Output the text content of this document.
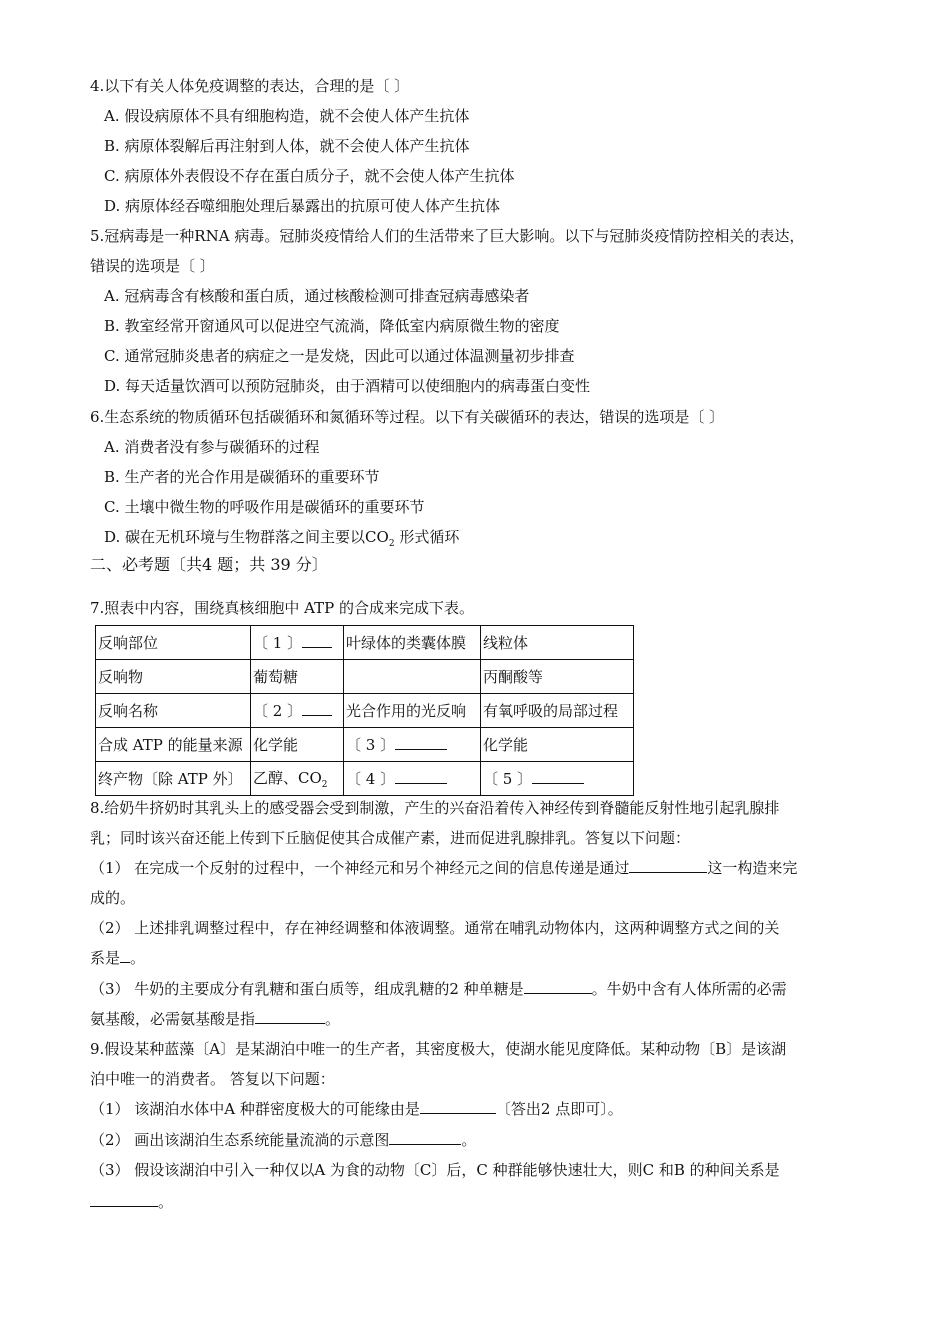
4.以下有关人体免疫调整的表达，合理的是〔 〕
A. 假设病原体不具有细胞构造，就不会使人体产生抗体
B. 病原体裂解后再注射到人体，就不会使人体产生抗体
C. 病原体外表假设不存在蛋白质分子，就不会使人体产生抗体
D. 病原体经吞噬细胞处理后暴露出的抗原可使人体产生抗体
5.冠病毒是一种RNA 病毒。冠肺炎疫情给人们的生活带来了巨大影响。以下与冠肺炎疫情防控相关的表达，
错误的选项是〔 〕
A. 冠病毒含有核酸和蛋白质，通过核酸检测可排查冠病毒感染者
B. 教室经常开窗通风可以促进空气流淌，降低室内病原微生物的密度
C. 通常冠肺炎患者的病症之一是发烧，因此可以通过体温测量初步排查
D. 每天适量饮酒可以预防冠肺炎，由于酒精可以使细胞内的病毒蛋白变性
6.生态系统的物质循环包括碳循环和氮循环等过程。以下有关碳循环的表达，错误的选项是〔 〕
A. 消费者没有参与碳循环的过程
B. 生产者的光合作用是碳循环的重要环节
C. 土壤中微生物的呼吸作用是碳循环的重要环节
D. 碳在无机环境与生物群落之间主要以$CO_2$ 形式循环
二、必考题〔共4 题；共 39 分〕
7.照表中内容，围绕真核细胞中 ATP 的合成来完成下表。
反响部位	〔 1 〕	叶绿体的类囊体膜	线粒体
反响物	葡萄糖		丙酮酸等
反响名称	〔 2 〕	光合作用的光反响	有氧呼吸的局部过程
合成 ATP 的能量来源	化学能	〔 3 〕	化学能
终产物〔除 ATP 外〕	乙醇、$CO_2$	〔 4 〕	〔 5 〕
8.给奶牛挤奶时其乳头上的感受器会受到制激，产生的兴奋沿着传入神经传到脊髓能反射性地引起乳腺排
乳；同时该兴奋还能上传到下丘脑促使其合成催产素，进而促进乳腺排乳。答复以下问题：
（1） 在完成一个反射的过程中，一个神经元和另个神经元之间的信息传递是通过	这一构造来完
成的。
（2） 上述排乳调整过程中，存在神经调整和体液调整。通常在哺乳动物体内，这两种调整方式之间的关
系是 。
（3） 牛奶的主要成分有乳糖和蛋白质等，组成乳糖的2 种单糖是	。牛奶中含有人体所需的必需
氨基酸，必需氨基酸是指	。
9.假设某种蓝藻〔A〕是某湖泊中唯一的生产者，其密度极大，使湖水能见度降低。某种动物〔B〕是该湖
泊中唯一的消费者。 答复以下问题：
（1） 该湖泊水体中A 种群密度极大的可能缘由是	〔答出2 点即可〕。
（2） 画出该湖泊生态系统能量流淌的示意图	。
（3） 假设该湖泊中引入一种仅以A 为食的动物〔C〕后，C 种群能够快速壮大，则C 和B 的种间关系是
。
